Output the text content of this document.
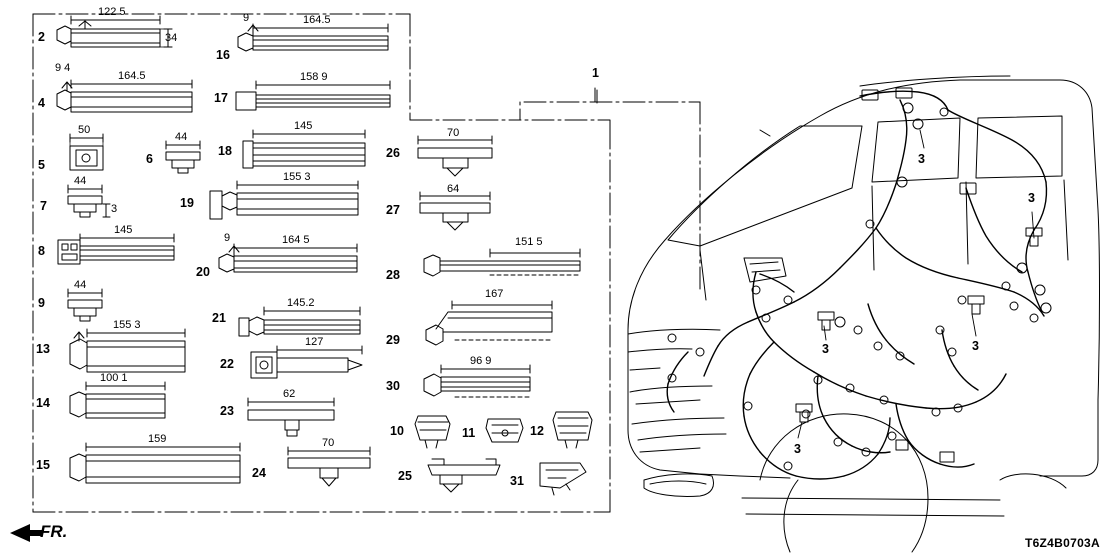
2
4
5	6
7
8
9
13
14
15
16
17
18
19
20
21
22
23
24
26
27
28
29
30
10	11	12
25	31
122 5
34
164.5
9 4
50
44
44
3
145
44
155 3
100 1
159
164.5
9
158 9
145
155 3
164 5
9
145.2
127
62
70
70
64
151 5
167
96 9
3
3
3	3
3
1
FR.
T6Z4B0703A
